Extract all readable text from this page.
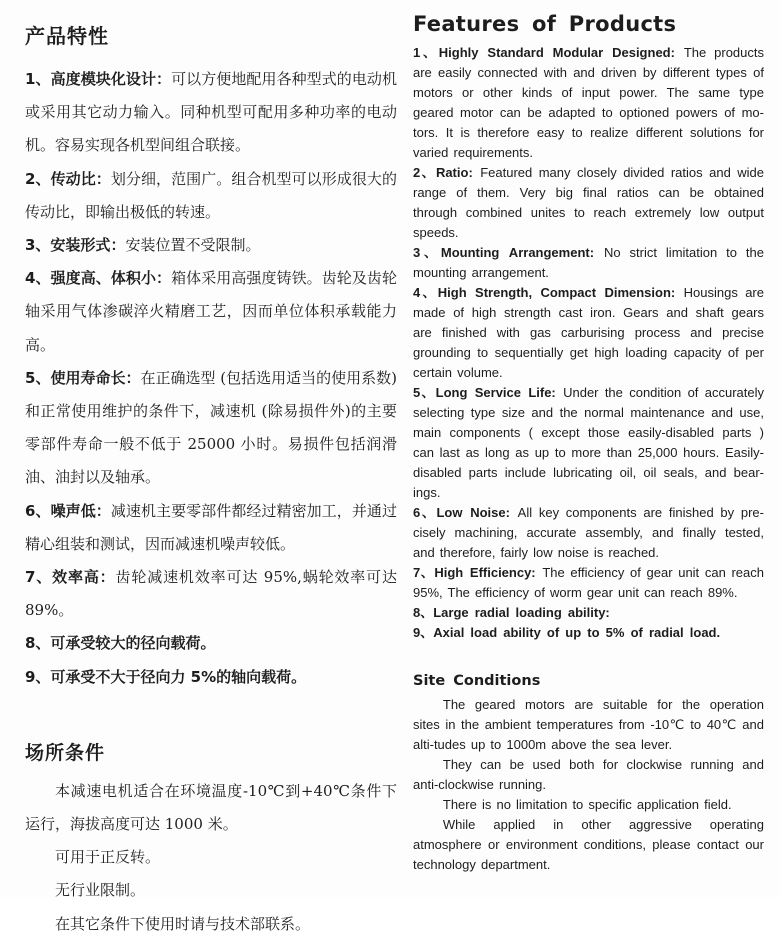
产品特性

1、高度模块化设计：可以方便地配用各种型式的电动机或采用其它动力输入。同种机型可配用多种功率的电动机。容易实现各机型间组合联接。

2、传动比：划分细，范围广。组合机型可以形成很大的传动比，即输出极低的转速。

3、安装形式：安装位置不受限制。

4、强度高、体积小：箱体采用高强度铸铁。齿轮及齿轮轴采用气体渗碳淬火精磨工艺，因而单位体积承载能力高。

5、使用寿命长：在正确选型 (包括选用适当的使用系数)和正常使用维护的条件下，减速机 (除易损件外)的主要零部件寿命一般不低于 25000 小时。易损件包括润滑油、油封以及轴承。

6、噪声低：减速机主要零部件都经过精密加工，并通过精心组装和测试，因而减速机噪声较低。

7、效率高：齿轮减速机效率可达 95%,蜗轮效率可达 89%。

8、可承受较大的径向载荷。

9、可承受不大于径向力 5%的轴向载荷。

场所条件

本减速电机适合在环境温度-10℃到+40℃条件下运行，海拔高度可达 1000 米。

可用于正反转。

无行业限制。

在其它条件下使用时请与技术部联系。

Features of Products

1、Highly Standard Modular Designed: The products are easily connected with and driven by different types of motors or other kinds of input power. The same type geared motor can be adapted to optioned powers of mo-tors. It is therefore easy to realize different solutions for varied requirements.

2、Ratio: Featured many closely divided ratios and wide range of them. Very big final ratios can be obtained through combined unites to reach extremely low output speeds.

3、Mounting Arrangement: No strict limitation to the mounting arrangement.

4、High Strength, Compact Dimension: Housings are made of high strength cast iron. Gears and shaft gears are finished with gas carburising process and precise grounding to sequentially get high loading capacity of per certain volume.

5、Long Service Life: Under the condition of accurately selecting type size and the normal maintenance and use, main components ( except those easily-disabled parts ) can last as long as up to more than 25,000 hours. Easily-disabled parts include lubricating oil, oil seals, and bear-ings.

6、Low Noise: All key components are finished by pre-cisely machining, accurate assembly, and finally tested, and therefore, fairly low noise is reached.

7、High Efficiency: The efficiency of gear unit can reach 95%, The efficiency of worm gear unit can reach 89%.

8、Large radial loading ability:

9、Axial load ability of up to 5% of radial load.

Site Conditions

The geared motors are suitable for the operation sites in the ambient temperatures from -10℃ to 40℃ and alti-tudes up to 1000m above the sea lever.

They can be used both for clockwise running and anti-clockwise running.

There is no limitation to specific application field.

While applied in other aggressive operating atmosphere or environment conditions, please contact our technology department.
